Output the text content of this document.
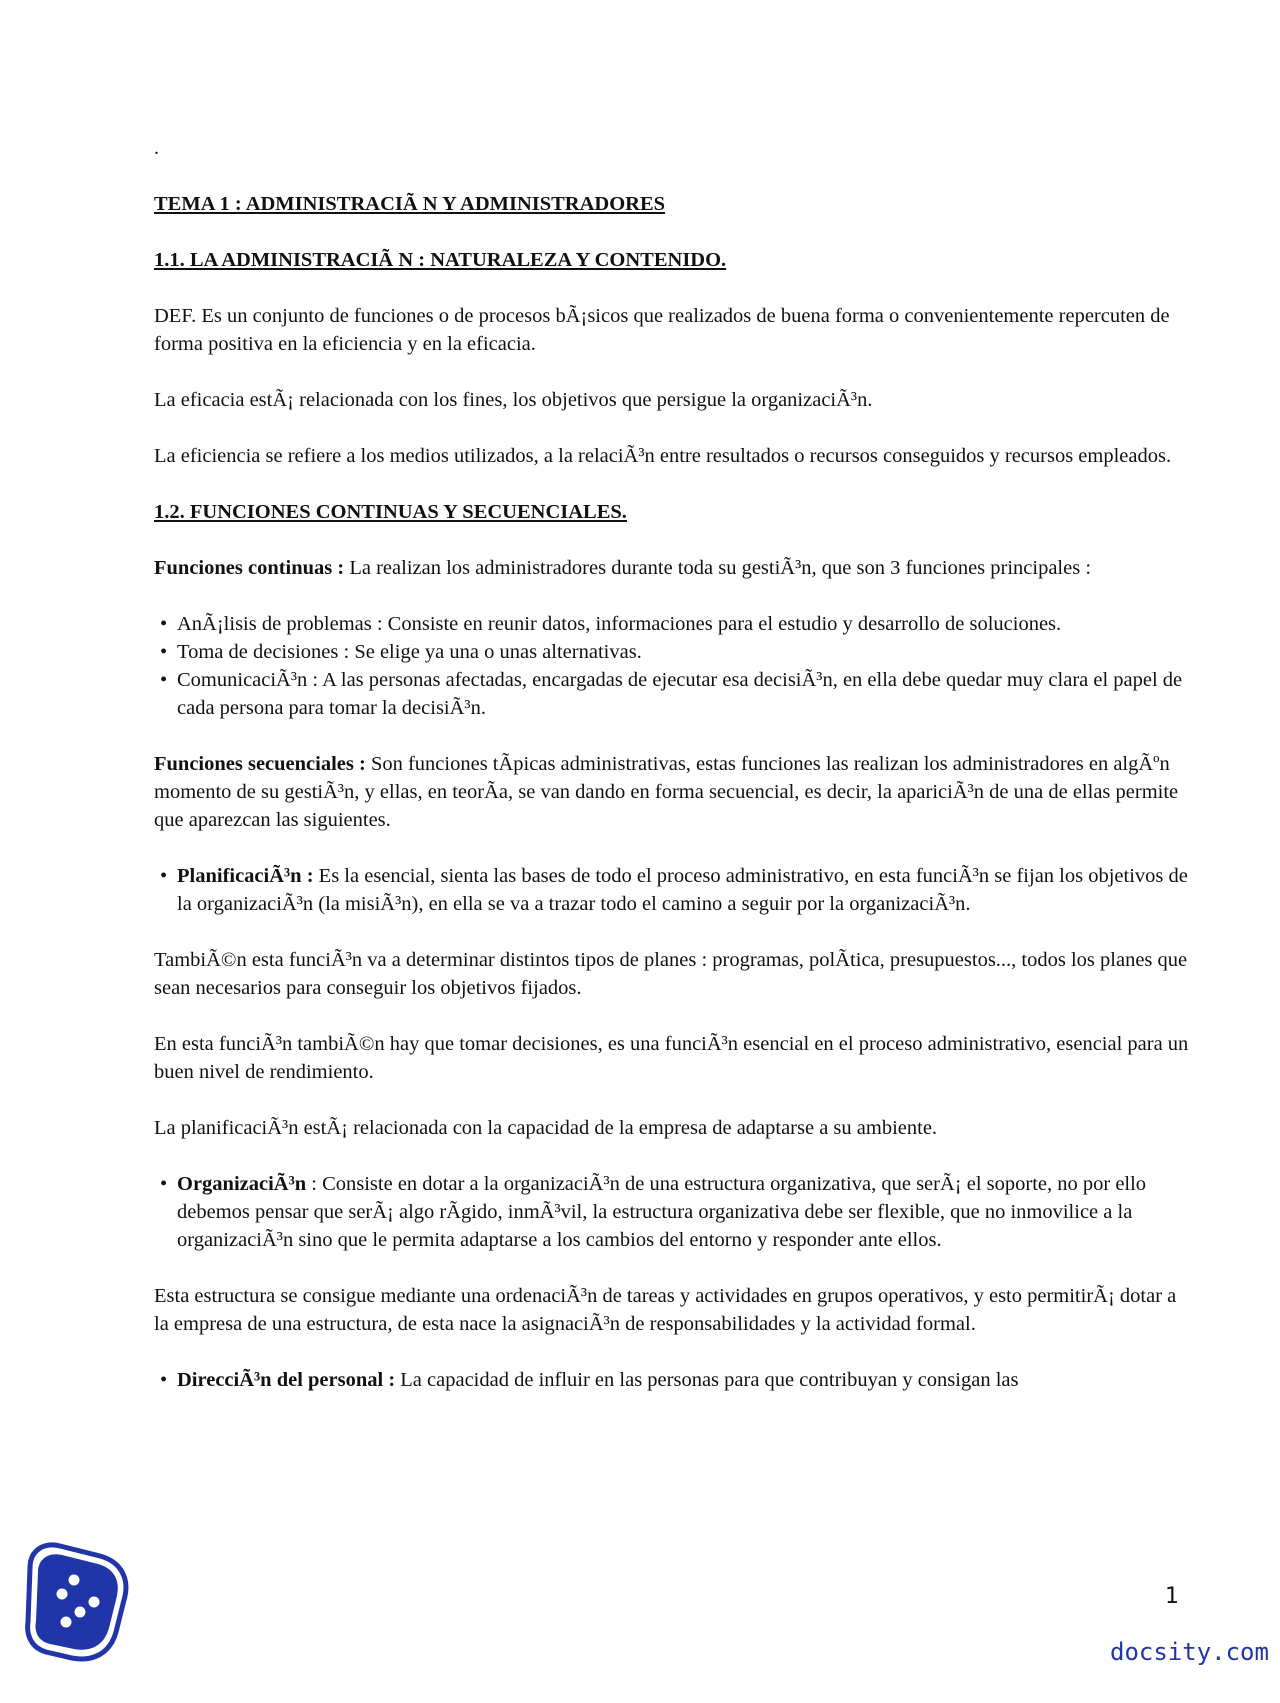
.

TEMA 1 : ADMINISTRACIÃ N Y ADMINISTRADORES

1.1. LA ADMINISTRACIÃ N : NATURALEZA Y CONTENIDO.

DEF. Es un conjunto de funciones o de procesos bÃ¡sicos que realizados de buena forma o convenientemente repercuten de forma positiva en la eficiencia y en la eficacia.

La eficacia estÃ¡ relacionada con los fines, los objetivos que persigue la organizaciÃ³n.

La eficiencia se refiere a los medios utilizados, a la relaciÃ³n entre resultados o recursos conseguidos y recursos empleados.

1.2. FUNCIONES CONTINUAS Y SECUENCIALES.

Funciones continuas : La realizan los administradores durante toda su gestiÃ³n, que son 3 funciones principales :

• AnÃ¡lisis de problemas : Consiste en reunir datos, informaciones para el estudio y desarrollo de soluciones.
• Toma de decisiones : Se elige ya una o unas alternativas.
• ComunicaciÃ³n : A las personas afectadas, encargadas de ejecutar esa decisiÃ³n, en ella debe quedar muy clara el papel de cada persona para tomar la decisiÃ³n.

Funciones secuenciales : Son funciones tÃpicas administrativas, estas funciones las realizan los administradores en algÃºn momento de su gestiÃ³n, y ellas, en teorÃa, se van dando en forma secuencial, es decir, la apariciÃ³n de una de ellas permite que aparezcan las siguientes.

• PlanificaciÃ³n : Es la esencial, sienta las bases de todo el proceso administrativo, en esta funciÃ³n se fijan los objetivos de la organizaciÃ³n (la misiÃ³n), en ella se va a trazar todo el camino a seguir por la organizaciÃ³n.

TambiÃ©n esta funciÃ³n va a determinar distintos tipos de planes : programas, polÃtica, presupuestos..., todos los planes que sean necesarios para conseguir los objetivos fijados.

En esta funciÃ³n tambiÃ©n hay que tomar decisiones, es una funciÃ³n esencial en el proceso administrativo, esencial para un buen nivel de rendimiento.

La planificaciÃ³n estÃ¡ relacionada con la capacidad de la empresa de adaptarse a su ambiente.

• OrganizaciÃ³n : Consiste en dotar a la organizaciÃ³n de una estructura organizativa, que serÃ¡ el soporte, no por ello debemos pensar que serÃ¡ algo rÃgido, inmÃ³vil, la estructura organizativa debe ser flexible, que no inmovilice a la organizaciÃ³n sino que le permita adaptarse a los cambios del entorno y responder ante ellos.

Esta estructura se consigue mediante una ordenaciÃ³n de tareas y actividades en grupos operativos, y esto permitirÃ¡ dotar a la empresa de una estructura, de esta nace la asignaciÃ³n de responsabilidades y la actividad formal.

• DirecciÃ³n del personal : La capacidad de influir en las personas para que contribuyan y consigan las
1
docsity.com
